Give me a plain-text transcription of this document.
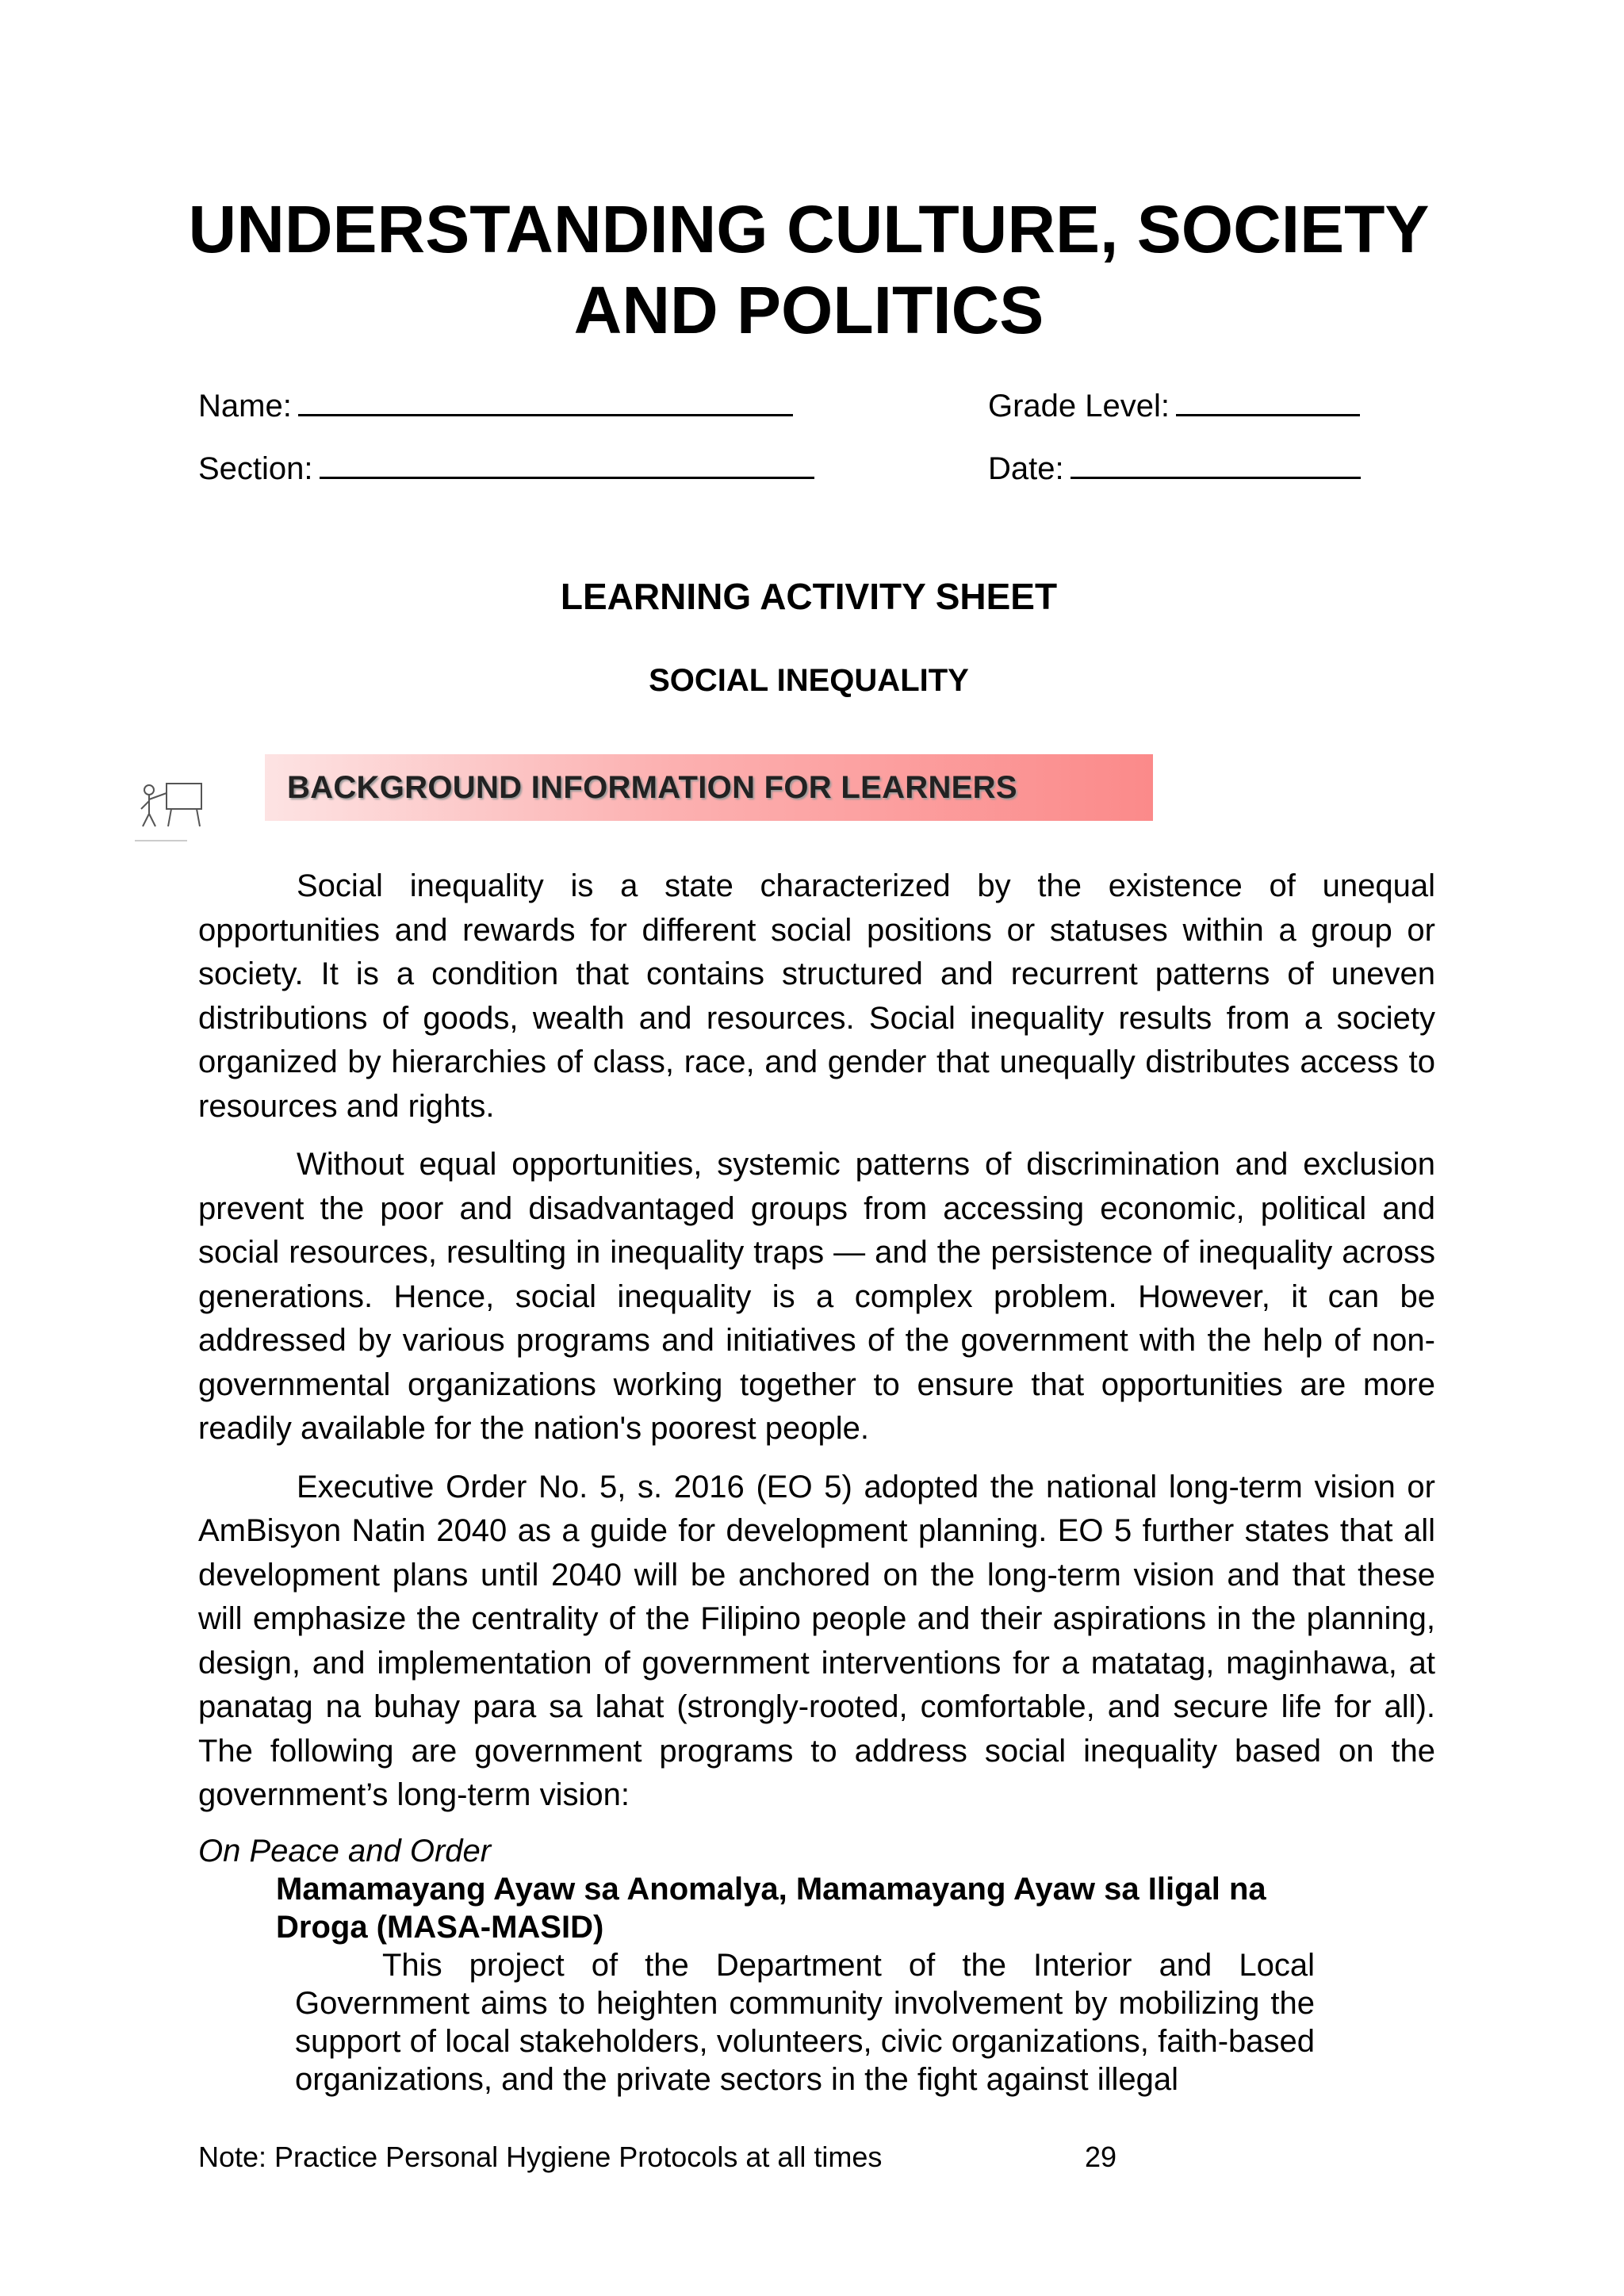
UNDERSTANDING CULTURE, SOCIETY
AND POLITICS
Name:	Grade Level:
Section:	Date:
LEARNING ACTIVITY SHEET
SOCIAL INEQUALITY
BACKGROUND INFORMATION FOR LEARNERS

Social inequality is a state characterized by the existence of unequal opportunities and rewards for different social positions or statuses within a group or society. It is a condition that contains structured and recurrent patterns of uneven distributions of goods, wealth and resources. Social inequality results from a society organized by hierarchies of class, race, and gender that unequally distributes access to resources and rights.

Without equal opportunities, systemic patterns of discrimination and exclusion prevent the poor and disadvantaged groups from accessing economic, political and social resources, resulting in inequality traps — and the persistence of inequality across generations. Hence, social inequality is a complex problem. However, it can be addressed by various programs and initiatives of the government with the help of non-governmental organizations working together to ensure that opportunities are more readily available for the nation's poorest people.

Executive Order No. 5, s. 2016 (EO 5) adopted the national long-term vision or AmBisyon Natin 2040 as a guide for development planning. EO 5 further states that all development plans until 2040 will be anchored on the long-term vision and that these will emphasize the centrality of the Filipino people and their aspirations in the planning, design, and implementation of government interventions for a matatag, maginhawa, at panatag na buhay para sa lahat (strongly-rooted, comfortable, and secure life for all). The following are government programs to address social inequality based on the government’s long-term vision:

On Peace and Order
Mamamayang Ayaw sa Anomalya, Mamamayang Ayaw sa Iligal na Droga (MASA-MASID)

This project of the Department of the Interior and Local Government aims to heighten community involvement by mobilizing the support of local stakeholders, volunteers, civic organizations, faith-based organizations, and the private sectors in the fight against illegal

Note: Practice Personal Hygiene Protocols at all times	29
